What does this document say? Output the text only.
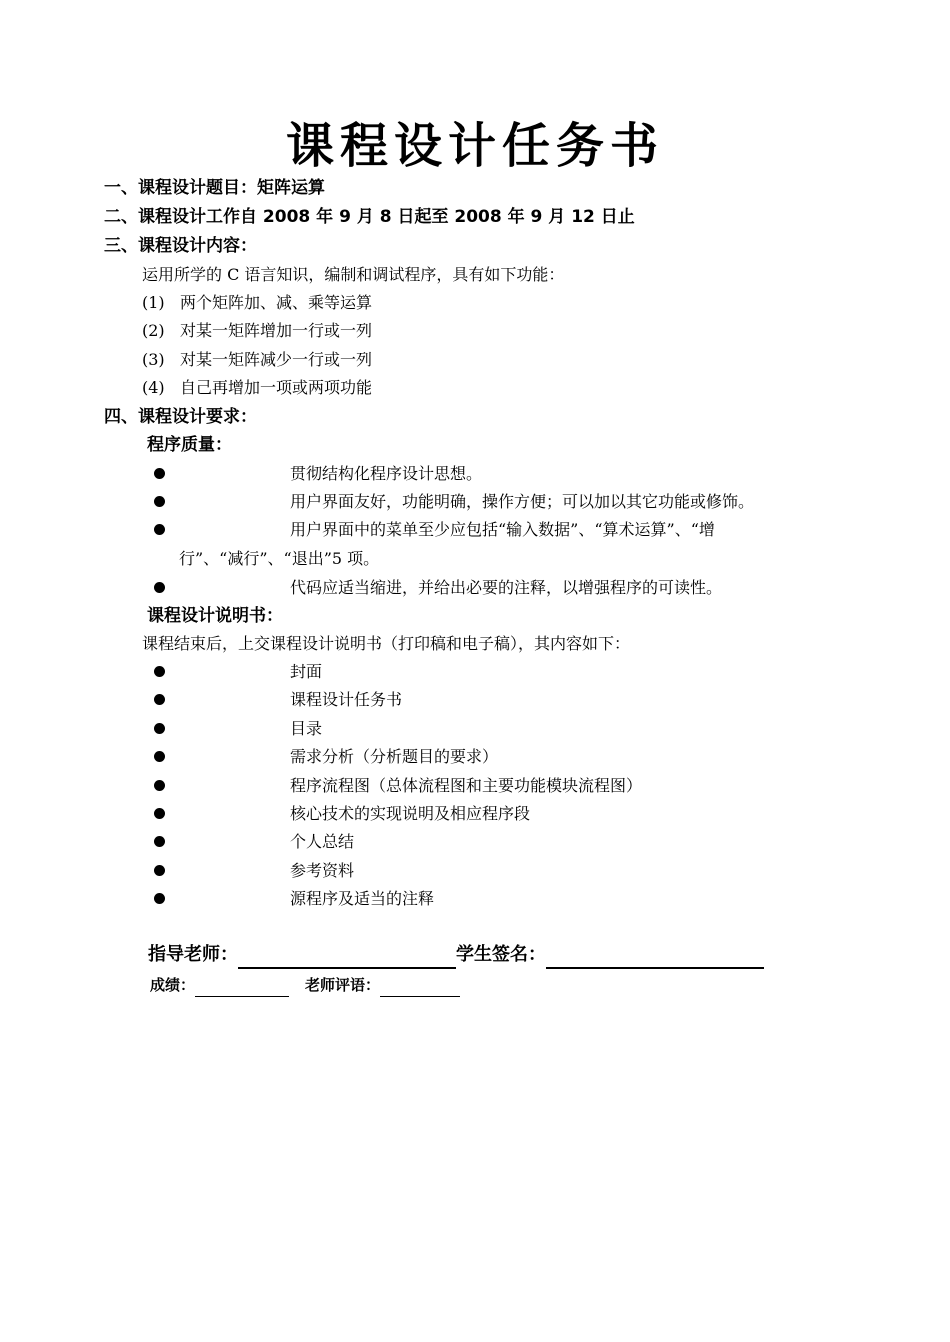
课程设计任务书
一、课程设计题目：矩阵运算
二、课程设计工作自 2008 年 9 月 8 日起至 2008 年 9 月 12 日止
三、课程设计内容：
运用所学的 C 语言知识，编制和调试程序，具有如下功能：
(1) 两个矩阵加、减、乘等运算
(2) 对某一矩阵增加一行或一列
(3) 对某一矩阵减少一行或一列
(4) 自己再增加一项或两项功能
四、课程设计要求：
程序质量：
贯彻结构化程序设计思想。
用户界面友好，功能明确，操作方便；可以加以其它功能或修饰。
用户界面中的菜单至少应包括“输入数据”、“算术运算”、“增
行”、“减行”、“退出”5 项。
代码应适当缩进，并给出必要的注释，以增强程序的可读性。
课程设计说明书：
课程结束后，上交课程设计说明书（打印稿和电子稿），其内容如下：
封面
课程设计任务书
目录
需求分析（分析题目的要求）
程序流程图（总体流程图和主要功能模块流程图）
核心技术的实现说明及相应程序段
个人总结
参考资料
源程序及适当的注释
指导老师：	学生签名：
成绩：	老师评语：
